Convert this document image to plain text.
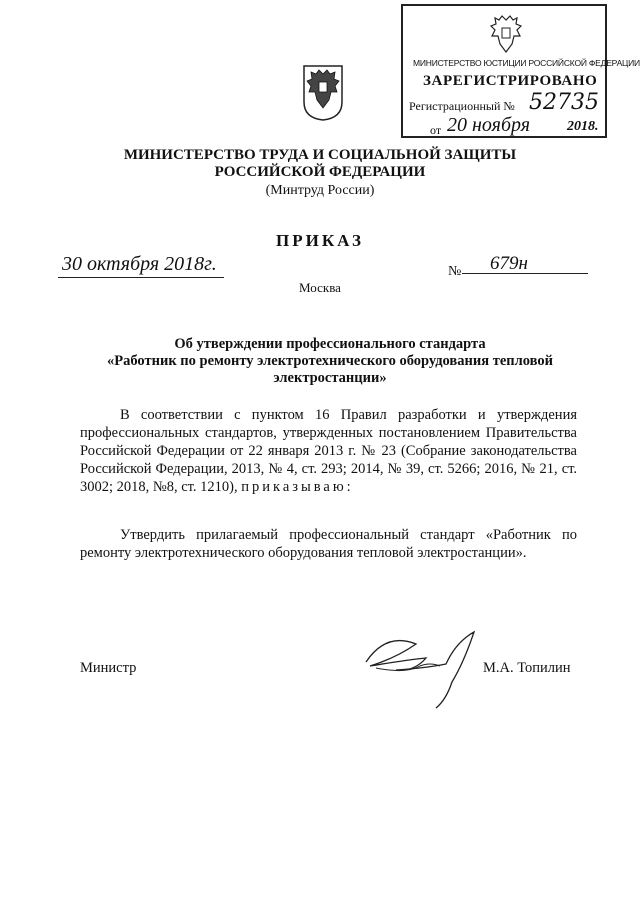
МИНИСТЕРСТВО ЮСТИЦИИ РОССИЙСКОЙ ФЕДЕРАЦИИ
ЗАРЕГИСТРИРОВАНО
Регистрационный № 52735
от 20 ноября	2018.
МИНИСТЕРСТВО ТРУДА И СОЦИАЛЬНОЙ ЗАЩИТЫ
РОССИЙСКОЙ ФЕДЕРАЦИИ
(Минтруд России)
ПРИКАЗ
30 октября 2018г.	№ 679н
Москва
Об утверждении профессионального стандарта
«Работник по ремонту электротехнического оборудования тепловой электростанции»
В соответствии с пунктом 16 Правил разработки и утверждения профессиональных стандартов, утвержденных постановлением Правительства Российской Федерации от 22 января 2013 г. № 23 (Собрание законодательства Российской Федерации, 2013, № 4, ст. 293; 2014, № 39, ст. 5266; 2016, № 21, ст. 3002; 2018, №8, ст. 1210), приказываю:
Утвердить прилагаемый профессиональный стандарт «Работник по ремонту электротехнического оборудования тепловой электростанции».
Министр	М.А. Топилин
